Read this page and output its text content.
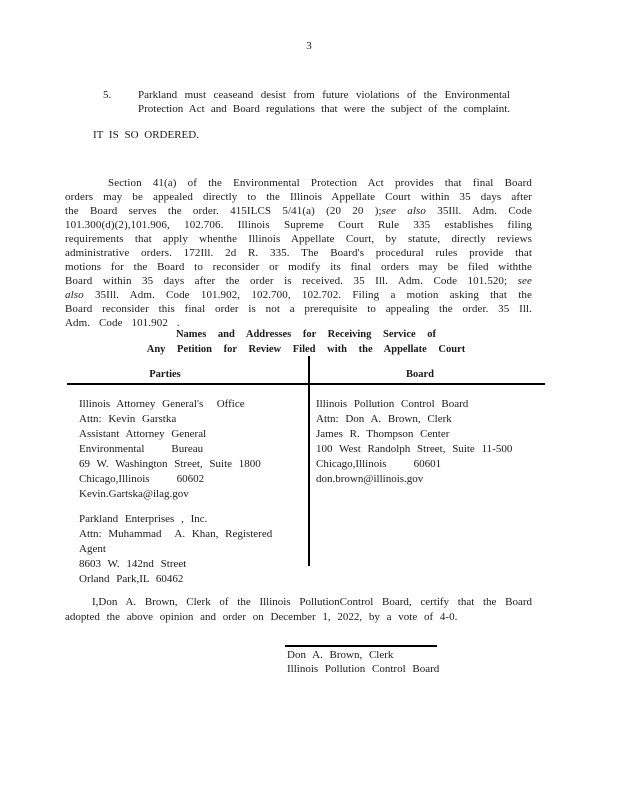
3
5. Parkland must ceaseand desist from future violations of the Environmental Protection Act and Board regulations that were the subject of the complaint.
IT IS SO ORDERED.

Section 41(a) of the Environmental Protection Act provides that final Board orders may be appealed directly to the Illinois Appellate Court within 35 days after the Board serves the order. 415ILCS 5/41(a) (20 20 );see also 35Ill. Adm. Code 101.300(d)(2),101.906, 102.706. Illinois Supreme Court Rule 335 establishes filing requirements that apply whenthe Illinois Appellate Court, by statute, directly reviews administrative orders. 172Ill. 2d R. 335. The Board's procedural rules provide that motions for the Board to reconsider or modify its final orders may be filed withthe Board within 35 days after the order is received. 35 Ill. Adm. Code 101.520; see also 35Ill. Adm. Code 101.902, 102.700, 102.702. Filing a motion asking that the Board reconsider this final order is not a prerequisite to appealing the order. 35 Ill. Adm. Code 101.902 .

Names and Addresses for Receiving Service of
Any Petition for Review Filed with the Appellate Court
Parties	Board
Illinois Attorney General's  Office
Attn: Kevin Garstka
Assistant Attorney General
Environmental    Bureau
69 W. Washington Street, Suite 1800
Chicago,Illinois    60602
Kevin.Gartska@ilag.gov
Parkland Enterprises , Inc.
Attn: Muhammad  A. Khan, Registered Agent
8603 W. 142nd Street
Orland Park,IL 60462
Illinois Pollution Control Board
Attn: Don A. Brown, Clerk
James R. Thompson Center
100 West Randolph Street, Suite 11-500
Chicago,Illinois    60601
don.brown@illinois.gov

I,Don A. Brown, Clerk of the Illinois PollutionControl Board, certify that the Board adopted the above opinion and order on December 1, 2022, by a vote of 4-0.

Don A. Brown, Clerk
Illinois Pollution Control Board
